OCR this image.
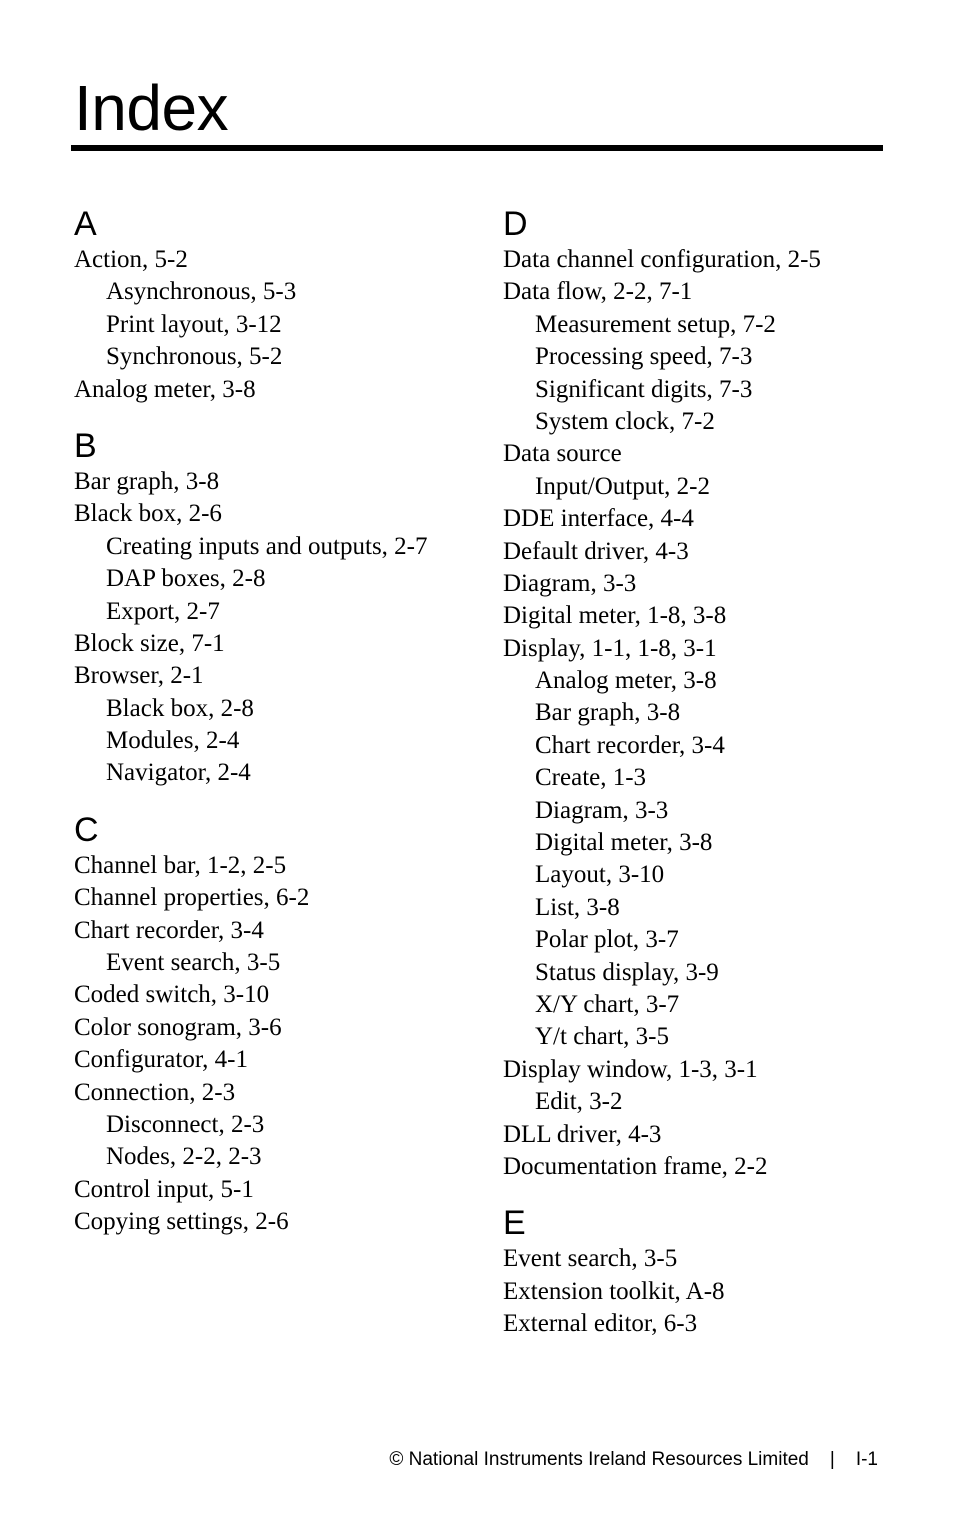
Index
A
Action, 5-2
Asynchronous, 5-3
Print layout, 3-12
Synchronous, 5-2
Analog meter, 3-8
B
Bar graph, 3-8
Black box, 2-6
Creating inputs and outputs, 2-7
DAP boxes, 2-8
Export, 2-7
Block size, 7-1
Browser, 2-1
Black box, 2-8
Modules, 2-4
Navigator, 2-4
C
Channel bar, 1-2, 2-5
Channel properties, 6-2
Chart recorder, 3-4
Event search, 3-5
Coded switch, 3-10
Color sonogram, 3-6
Configurator, 4-1
Connection, 2-3
Disconnect, 2-3
Nodes, 2-2, 2-3
Control input, 5-1
Copying settings, 2-6
D
Data channel configuration, 2-5
Data flow, 2-2, 7-1
Measurement setup, 7-2
Processing speed, 7-3
Significant digits, 7-3
System clock, 7-2
Data source
Input/Output, 2-2
DDE interface, 4-4
Default driver, 4-3
Diagram, 3-3
Digital meter, 1-8, 3-8
Display, 1-1, 1-8, 3-1
Analog meter, 3-8
Bar graph, 3-8
Chart recorder, 3-4
Create, 1-3
Diagram, 3-3
Digital meter, 3-8
Layout, 3-10
List, 3-8
Polar plot, 3-7
Status display, 3-9
X/Y chart, 3-7
Y/t chart, 3-5
Display window, 1-3, 3-1
Edit, 3-2
DLL driver, 4-3
Documentation frame, 2-2
E
Event search, 3-5
Extension toolkit, A-8
External editor, 6-3
© National Instruments Ireland Resources Limited | I-1
